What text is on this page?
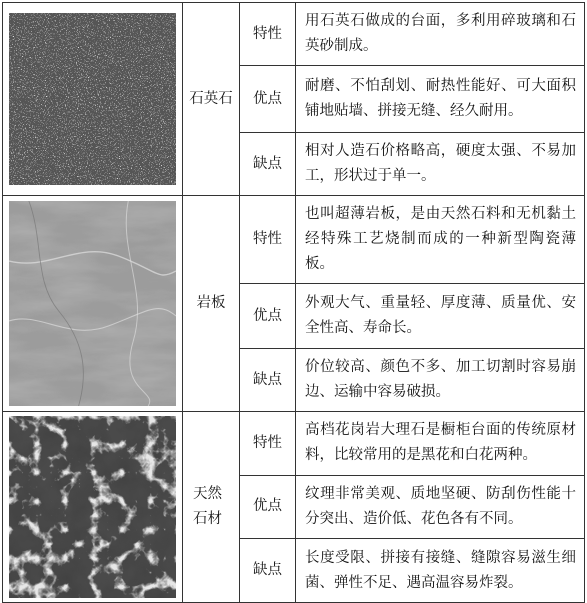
	石英石	特性	用石英石做成的台面，多利用碎玻璃和石英砂制成。
		优点	耐磨、不怕刮划、耐热性能好、可大面积铺地贴墙、拼接无缝、经久耐用。
		缺点	相对人造石价格略高，硬度太强、不易加工，形状过于单一。

	岩板	特性	也叫超薄岩板，是由天然石料和无机黏土经特殊工艺烧制而成的一种新型陶瓷薄板。
		优点	外观大气、重量轻、厚度薄、质量优、安全性高、寿命长。
		缺点	价位较高、颜色不多、加工切割时容易崩边、运输中容易破损。

	天然石材	特性	高档花岗岩大理石是橱柜台面的传统原材料，比较常用的是黑花和白花两种。
		优点	纹理非常美观、质地坚硬、防刮伤性能十分突出、造价低、花色各有不同。
		缺点	长度受限、拼接有接缝、缝隙容易滋生细菌、弹性不足、遇高温容易炸裂。
